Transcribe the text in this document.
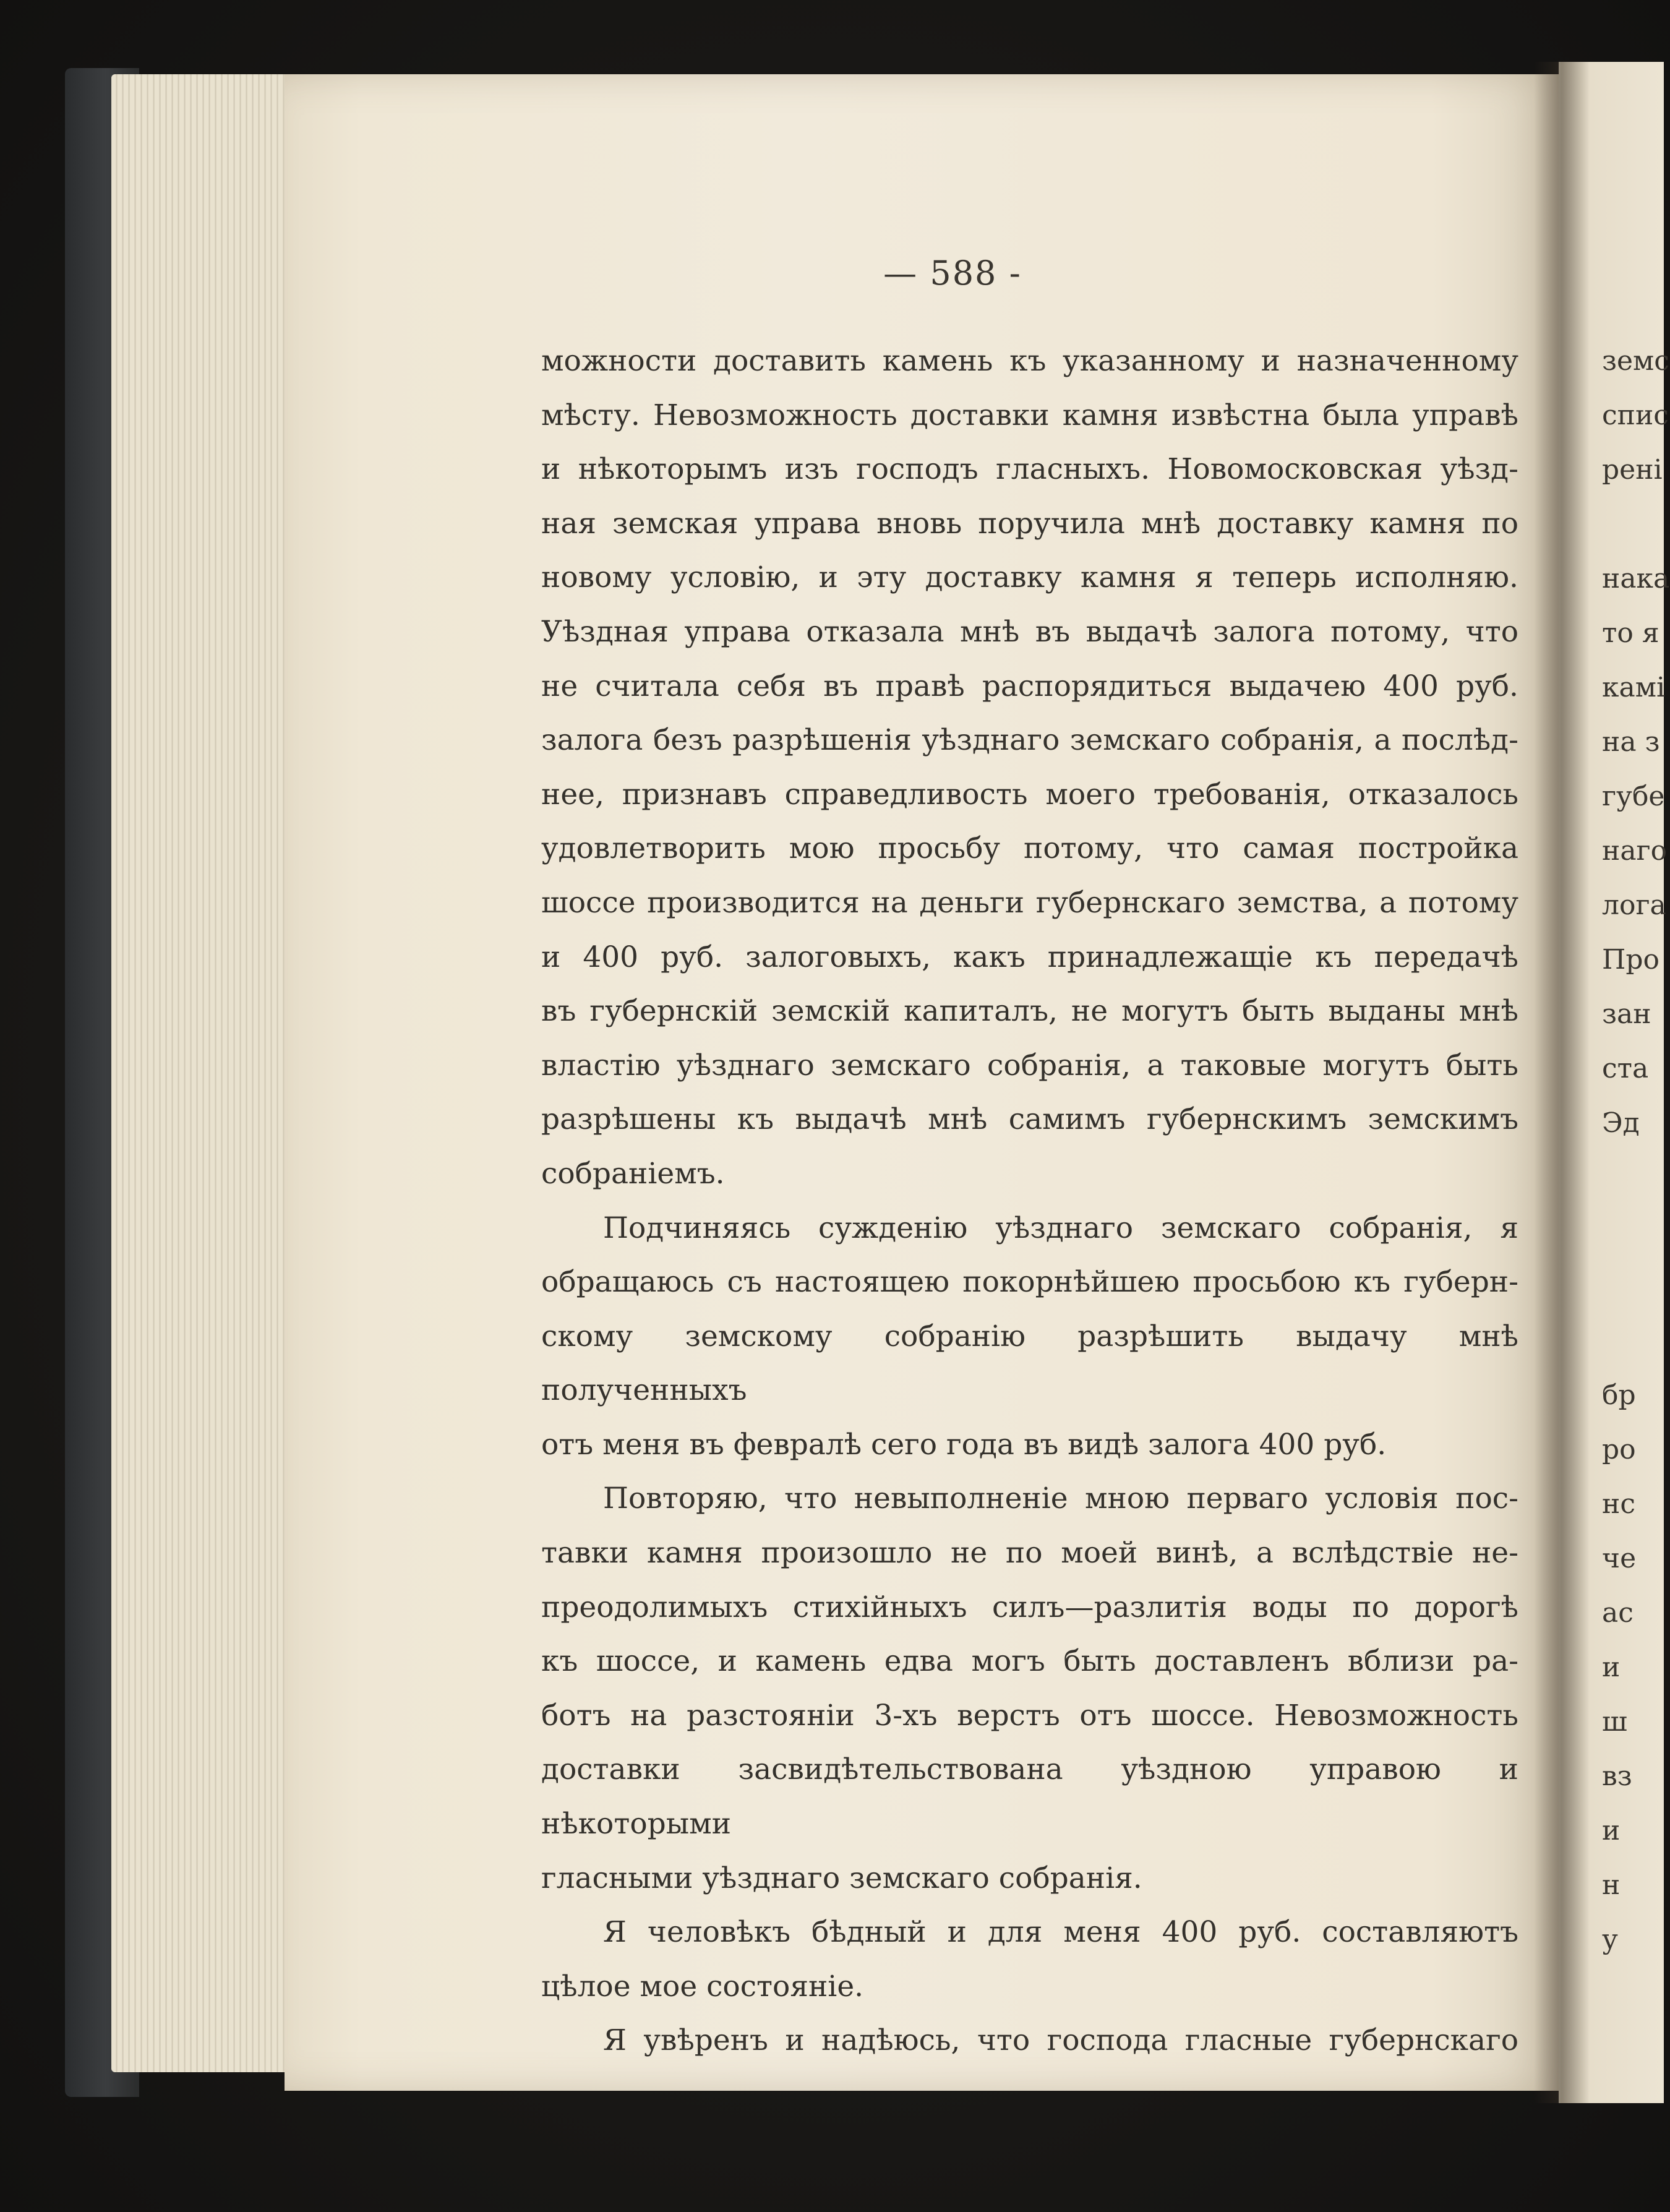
— 588 -

можности доставить камень къ указанному и назначенному

мѣсту. Невозможность доставки камня извѣстна была управѣ

и нѣкоторымъ изъ господъ гласныхъ. Новомосковская уѣзд-

ная земская управа вновь поручила мнѣ доставку камня по

новому условію, и эту доставку камня я теперь исполняю.

Уѣздная управа отказала мнѣ въ выдачѣ залога потому, что

не считала себя въ правѣ распорядиться выдачею 400 руб.

залога безъ разрѣшенія уѣзднаго земскаго собранія, а послѣд-

нее, признавъ справедливость моего требованія, отказалось

удовлетворить мою просьбу потому, что самая постройка

шоссе производится на деньги губернскаго земства, а потому

и 400 руб. залоговыхъ, какъ принадлежащіе къ передачѣ

въ губернскій земскій капиталъ, не могутъ быть выданы мнѣ

властію уѣзднаго земскаго собранія, а таковые могутъ быть

разрѣшены къ выдачѣ мнѣ самимъ губернскимъ земскимъ

собраніемъ.

Подчиняясь сужденію уѣзднаго земскаго собранія, я

обращаюсь съ настоящею покорнѣйшею просьбою къ губерн-

скому земскому собранію разрѣшить выдачу мнѣ полученныхъ

отъ меня въ февралѣ сего года въ видѣ залога 400 руб.

Повторяю, что невыполненіе мною перваго условія пос-

тавки камня произошло не по моей винѣ, а вслѣдствіе не-

преодолимыхъ стихійныхъ силъ—разлитія воды по дорогѣ

къ шоссе, и камень едва могъ быть доставленъ вблизи ра-

ботъ на разстояніи 3-хъ верстъ отъ шоссе. Невозможность

доставки засвидѣтельствована уѣздною управою и нѣкоторыми

гласными уѣзднаго земскаго собранія.

Я человѣкъ бѣдный и для меня 400 руб. составляютъ

цѣлое мое состояніе.

Я увѣренъ и надѣюсь, что господа гласные губернскаго

земс
спис
рені
нака
то я
камі
на з
губе
наго
лога
Про
зан
ста
Эд
бр
ро
нс
че
ас
и
ш
вз
и
н
у
